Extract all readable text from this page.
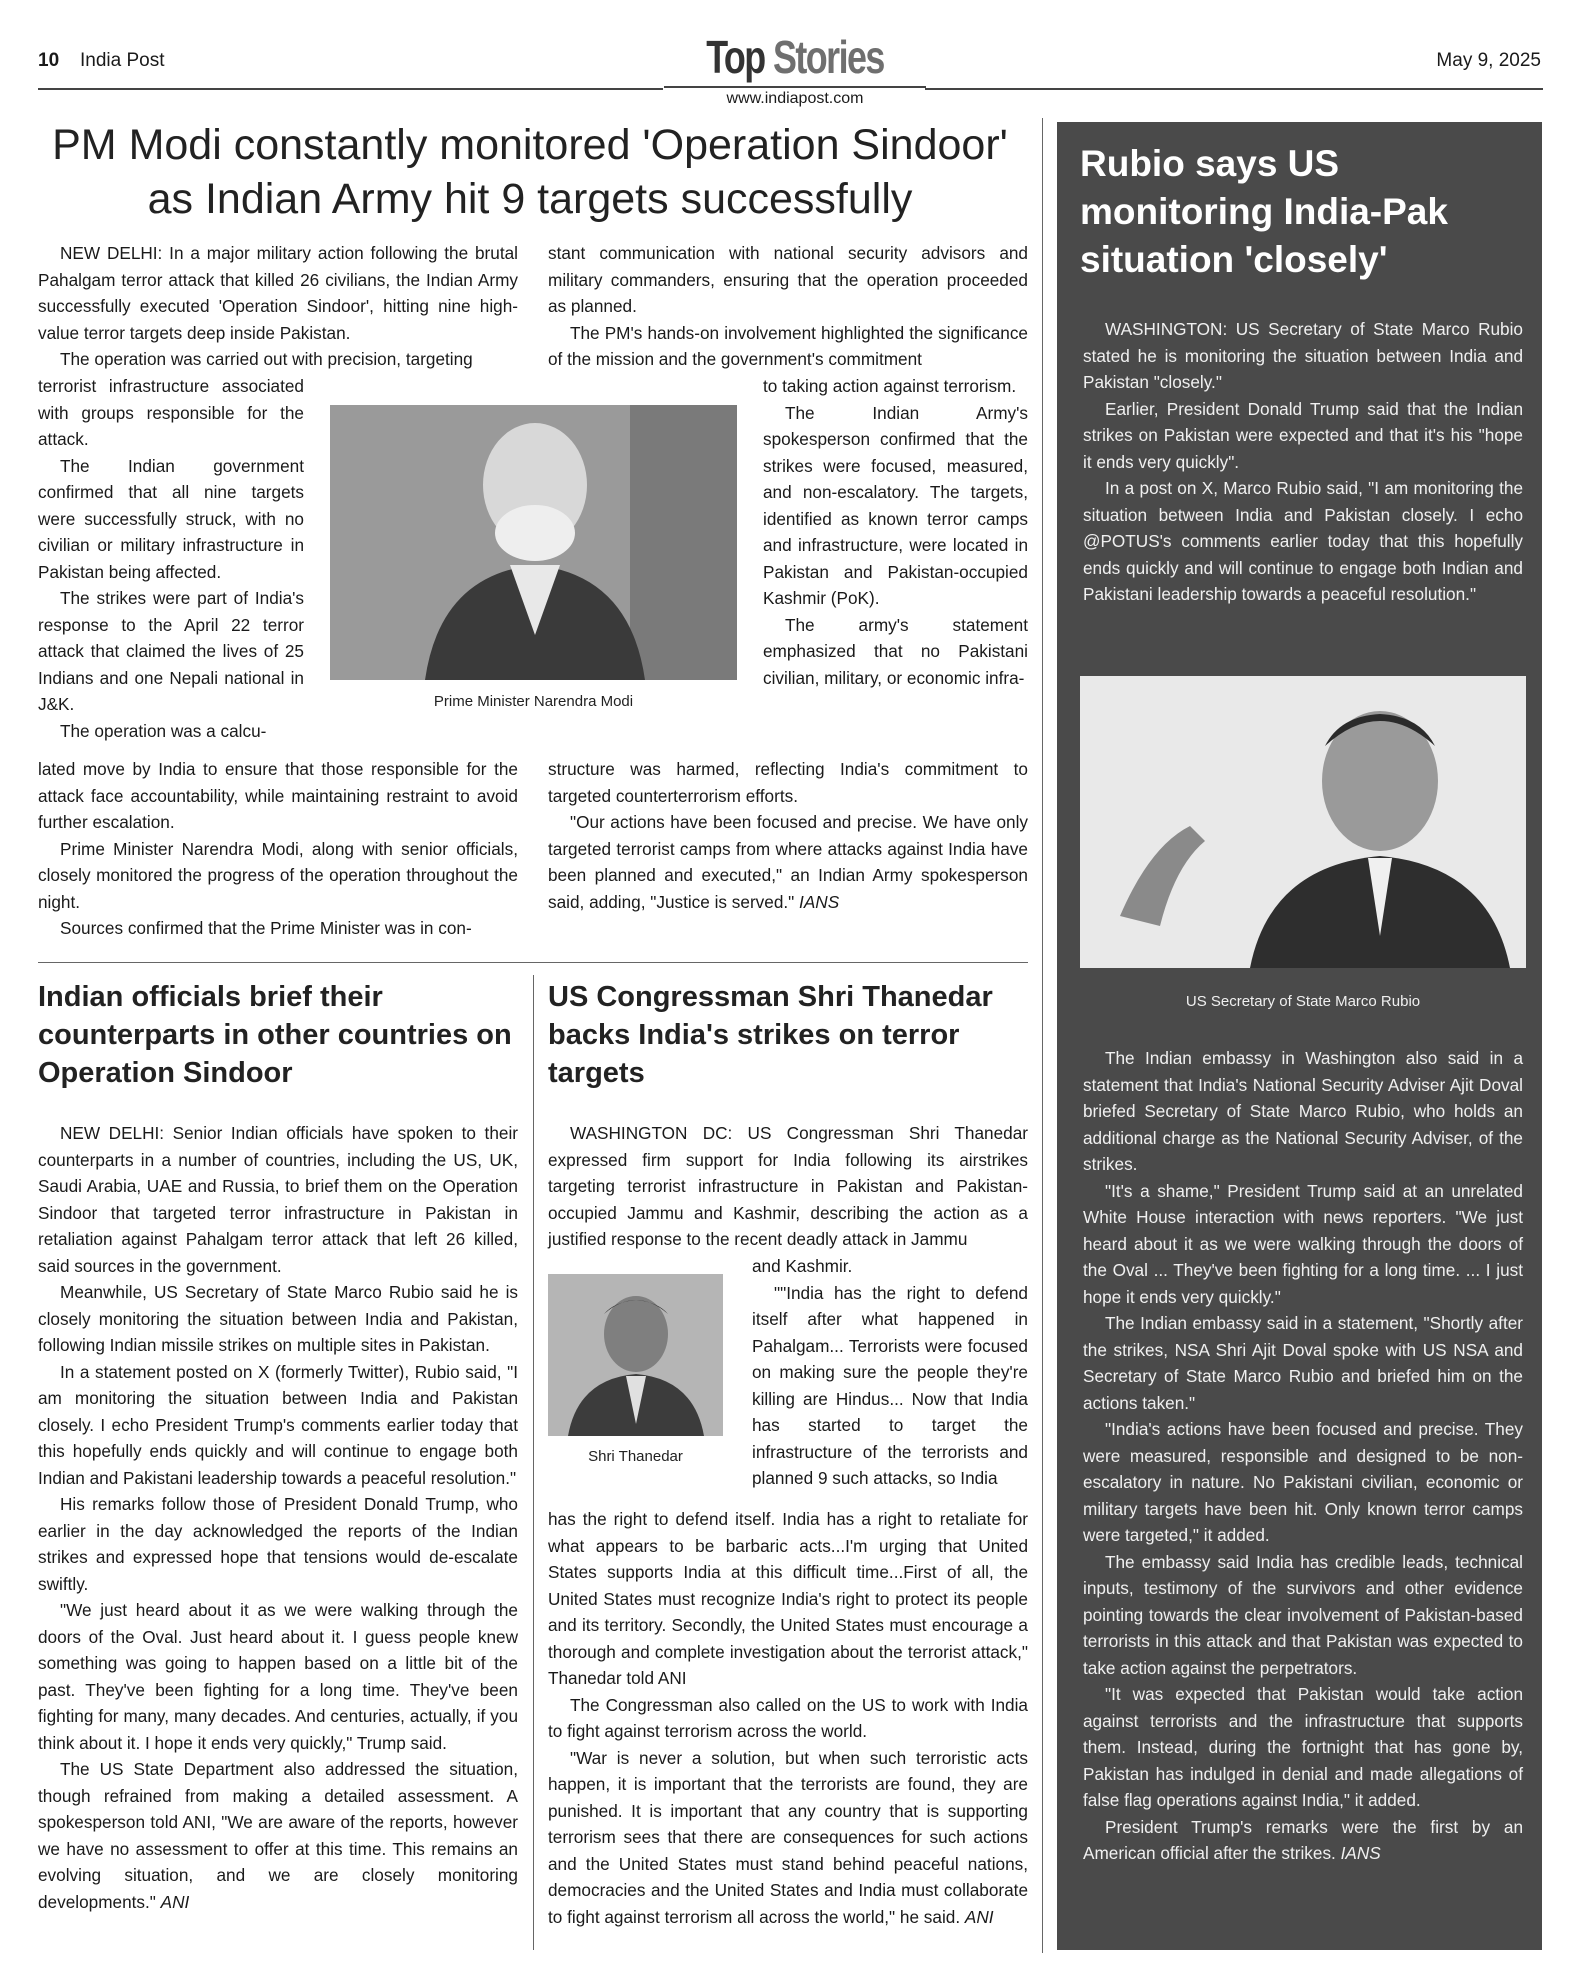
10 India Post	May 9, 2025
Top Stories
www.indiapost.com
PM Modi constantly monitored 'Operation Sindoor' as Indian Army hit 9 targets successfully

NEW DELHI: In a major military action following the brutal Pahalgam terror attack that killed 26 civilians, the Indian Army successfully executed 'Operation Sindoor', hitting nine high-value terror targets deep inside Pakistan.

The operation was carried out with precision, targeting

terrorist infrastructure associated with groups responsible for the attack.

The Indian government confirmed that all nine targets were successfully struck, with no civilian or military infrastructure in Pakistan being affected.

The strikes were part of India's response to the April 22 terror attack that claimed the lives of 25 Indians and one Nepali national in J&K.

The operation was a calcu-

lated move by India to ensure that those responsible for the attack face accountability, while maintaining restraint to avoid further escalation.

Prime Minister Narendra Modi, along with senior officials, closely monitored the progress of the operation throughout the night.

Sources confirmed that the Prime Minister was in con-

Prime Minister Narendra Modi

stant communication with national security advisors and military commanders, ensuring that the operation proceeded as planned.

The PM's hands-on involvement highlighted the significance of the mission and the government's commitment

to taking action against terrorism.

The Indian Army's spokesperson confirmed that the strikes were focused, measured, and non-escalatory. The targets, identified as known terror camps and infrastructure, were located in Pakistan and Pakistan-occupied Kashmir (PoK).

The army's statement emphasized that no Pakistani civilian, military, or economic infra-

structure was harmed, reflecting India's commitment to targeted counterterrorism efforts.

"Our actions have been focused and precise. We have only targeted terrorist camps from where attacks against India have been planned and executed," an Indian Army spokesperson said, adding, "Justice is served." IANS

Indian officials brief their counterparts in other countries on Operation Sindoor

NEW DELHI: Senior Indian officials have spoken to their counterparts in a number of countries, including the US, UK, Saudi Arabia, UAE and Russia, to brief them on the Operation Sindoor that targeted terror infrastructure in Pakistan in retaliation against Pahalgam terror attack that left 26 killed, said sources in the government.

Meanwhile, US Secretary of State Marco Rubio said he is closely monitoring the situation between India and Pakistan, following Indian missile strikes on multiple sites in Pakistan.

In a statement posted on X (formerly Twitter), Rubio said, "I am monitoring the situation between India and Pakistan closely. I echo President Trump's comments earlier today that this hopefully ends quickly and will continue to engage both Indian and Pakistani leadership towards a peaceful resolution."

His remarks follow those of President Donald Trump, who earlier in the day acknowledged the reports of the Indian strikes and expressed hope that tensions would de-escalate swiftly.

"We just heard about it as we were walking through the doors of the Oval. Just heard about it. I guess people knew something was going to happen based on a little bit of the past. They've been fighting for a long time. They've been fighting for many, many decades. And centuries, actually, if you think about it. I hope it ends very quickly," Trump said.

The US State Department also addressed the situation, though refrained from making a detailed assessment. A spokesperson told ANI, "We are aware of the reports, however we have no assessment to offer at this time. This remains an evolving situation, and we are closely monitoring developments." ANI

US Congressman Shri Thanedar backs India's strikes on terror targets

WASHINGTON DC: US Congressman Shri Thanedar expressed firm support for India following its airstrikes targeting terrorist infrastructure in Pakistan and Pakistan-occupied Jammu and Kashmir, describing the action as a justified response to the recent deadly attack in Jammu

and Kashmir.

""India has the right to defend itself after what happened in Pahalgam... Terrorists were focused on making sure the people they're killing are Hindus... Now that India has started to target the infrastructure of the terrorists and planned 9 such attacks, so India

Shri Thanedar

has the right to defend itself. India has a right to retaliate for what appears to be barbaric acts...I'm urging that United States supports India at this difficult time...First of all, the United States must recognize India's right to protect its people and its territory. Secondly, the United States must encourage a thorough and complete investigation about the terrorist attack," Thanedar told ANI

The Congressman also called on the US to work with India to fight against terrorism across the world.

"War is never a solution, but when such terroristic acts happen, it is important that the terrorists are found, they are punished. It is important that any country that is supporting terrorism sees that there are consequences for such actions and the United States must stand behind peaceful nations, democracies and the United States and India must collaborate to fight against terrorism all across the world," he said. ANI

Rubio says US monitoring India-Pak situation 'closely'

WASHINGTON: US Secretary of State Marco Rubio stated he is monitoring the situation between India and Pakistan "closely."

Earlier, President Donald Trump said that the Indian strikes on Pakistan were expected and that it's his "hope it ends very quickly".

In a post on X, Marco Rubio said, "I am monitoring the situation between India and Pakistan closely. I echo @POTUS's comments earlier today that this hopefully ends quickly and will continue to engage both Indian and Pakistani leadership towards a peaceful resolution."

US Secretary of State Marco Rubio

The Indian embassy in Washington also said in a statement that India's National Security Adviser Ajit Doval briefed Secretary of State Marco Rubio, who holds an additional charge as the National Security Adviser, of the strikes.

"It's a shame," President Trump said at an unrelated White House interaction with news reporters. "We just heard about it as we were walking through the doors of the Oval ... They've been fighting for a long time. ... I just hope it ends very quickly."

The Indian embassy said in a statement, "Shortly after the strikes, NSA Shri Ajit Doval spoke with US NSA and Secretary of State Marco Rubio and briefed him on the actions taken."

"India's actions have been focused and precise. They were measured, responsible and designed to be non-escalatory in nature. No Pakistani civilian, economic or military targets have been hit. Only known terror camps were targeted," it added.

The embassy said India has credible leads, technical inputs, testimony of the survivors and other evidence pointing towards the clear involvement of Pakistan-based terrorists in this attack and that Pakistan was expected to take action against the perpetrators.

"It was expected that Pakistan would take action against terrorists and the infrastructure that supports them. Instead, during the fortnight that has gone by, Pakistan has indulged in denial and made allegations of false flag operations against India," it added.

President Trump's remarks were the first by an American official after the strikes. IANS
